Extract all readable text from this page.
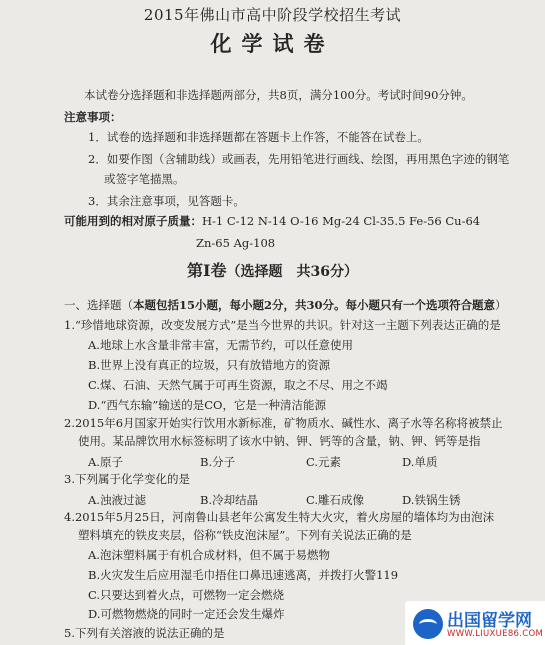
2015年佛山市高中阶段学校招生考试
化学试卷
本试卷分选择题和非选择题两部分，共8页，满分100分。考试时间90分钟。
注意事项：
1．试卷的选择题和非选择题都在答题卡上作答，不能答在试卷上。
2．如要作图（含辅助线）或画表，先用铅笔进行画线、绘图，再用黑色字迹的钢笔
或签字笔描黑。
3．其余注意事项，见答题卡。
可能用到的相对原子质量：H-1 C-12 N-14 O-16 Mg-24 Cl-35.5 Fe-56 Cu-64
Zn-65 Ag-108
第Ⅰ卷（选择题　共36分）
一、选择题（本题包括15小题，每小题2分，共30分。每小题只有一个选项符合题意）
1.“珍惜地球资源，改变发展方式”是当今世界的共识。针对这一主题下列表达正确的是
A.地球上水含量非常丰富，无需节约，可以任意使用
B.世界上没有真正的垃圾，只有放错地方的资源
C.煤、石油、天然气属于可再生资源，取之不尽、用之不竭
D.“西气东输”输送的是CO，它是一种清洁能源
2.2015年6月国家开始实行饮用水新标准，矿物质水、碱性水、离子水等名称将被禁止
使用。某品牌饮用水标签标明了该水中钠、钾、钙等的含量，钠、钾、钙等是指
A.原子	B.分子	C.元素	D.单质
3.下列属于化学变化的是
A.浊液过滤	B.冷却结晶	C.雕石成像	D.铁锅生锈
4.2015年5月25日，河南鲁山县老年公寓发生特大火灾，着火房屋的墙体均为由泡沫
塑料填充的铁皮夹层，俗称“铁皮泡沫屋”。下列有关说法正确的是
A.泡沫塑料属于有机合成材料，但不属于易燃物
B.火灾发生后应用湿毛巾捂住口鼻迅速逃离，并拨打火警119
C.只要达到着火点，可燃物一定会燃烧
D.可燃物燃烧的同时一定还会发生爆炸
5.下列有关溶液的说法正确的是
出国留学网
WWW.LIUXUE86.COM
